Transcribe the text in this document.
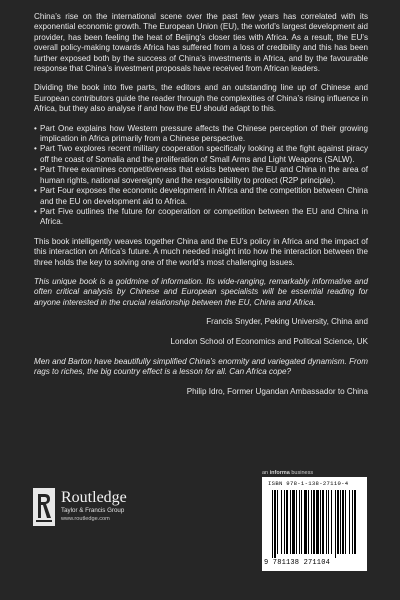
China’s rise on the international scene over the past few years has correlated with its exponential economic growth. The European Union (EU), the world’s largest development aid provider, has been feeling the heat of Beijing’s closer ties with Africa. As a result, the EU’s overall policy-making towards Africa has suffered from a loss of credibility and this has been further exposed both by the success of China’s investments in Africa, and by the favourable response that China’s investment proposals have received from African leaders.

Dividing the book into five parts, the editors and an outstanding line up of Chinese and European contributors guide the reader through the complexities of China’s rising influence in Africa, but they also analyse if and how the EU should adapt to this.

• Part One explains how Western pressure affects the Chinese perception of their growing implication in Africa primarily from a Chinese perspective.
• Part Two explores recent military cooperation specifically looking at the fight against piracy off the coast of Somalia and the proliferation of Small Arms and Light Weapons (SALW).
• Part Three examines competitiveness that exists between the EU and China in the area of human rights, national sovereignty and the responsibility to protect (R2P principle).
• Part Four exposes the economic development in Africa and the competition between China and the EU on development aid to Africa.
• Part Five outlines the future for cooperation or competition between the EU and China in Africa.

This book intelligently weaves together China and the EU’s policy in Africa and the impact of this interaction on Africa’s future. A much needed insight into how the interaction between the three holds the key to solving one of the world’s most challenging issues.

This unique book is a goldmine of information. Its wide-ranging, remarkably informative and often critical analysis by Chinese and European specialists will be essential reading for anyone interested in the crucial relationship between the EU, China and Africa.

Francis Snyder, Peking University, China and

London School of Economics and Political Science, UK

Men and Barton have beautifully simplified China’s enormity and variegated dynamism. From rags to riches, the big country effect is a lesson for all. Can Africa cope?

Philip Idro, Former Ugandan Ambassador to China

an informa business
Routledge
Taylor & Francis Group
www.routledge.com
ISBN 978-1-138-27110-4
9 781138 271104
